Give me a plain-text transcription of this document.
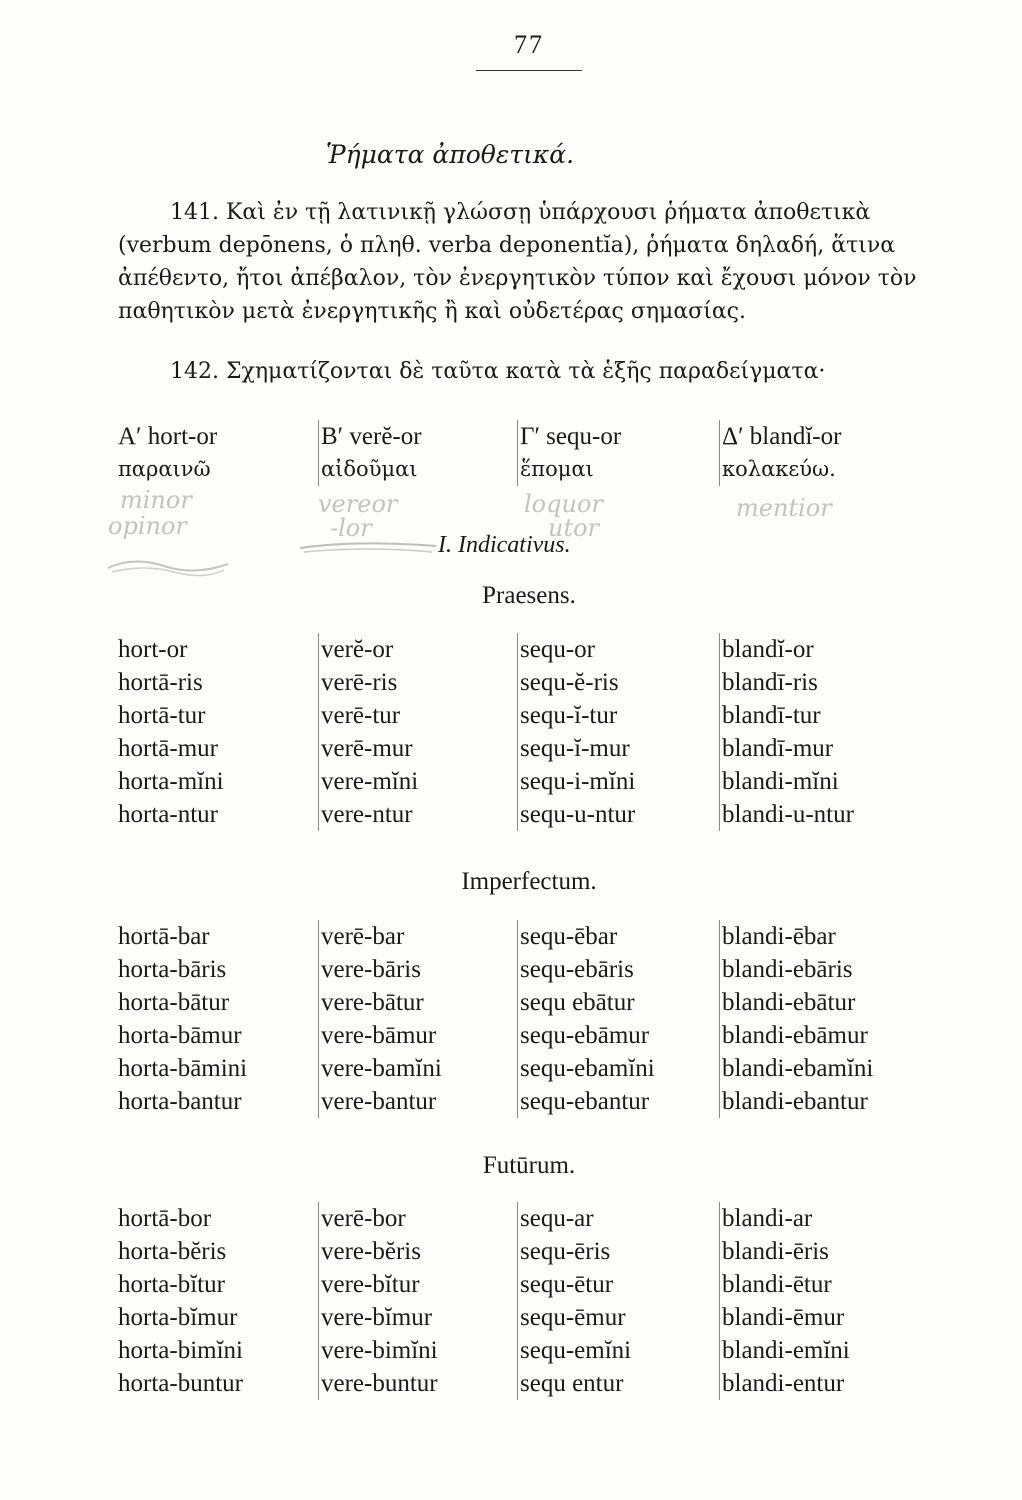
77
Ῥήματα ἀποθετικά.
141. Καὶ ἐν τῇ λατινικῇ γλώσσῃ ὑπάρχουσι ῥήματα ἀποθετικὰ (verbum depōnens, ὁ πληθ. verba deponentĭa), ῥήματα δηλαδή, ἅτινα ἀπέθεντο, ἤτοι ἀπέβαλον, τὸν ἐνεργητικὸν τύπον καὶ ἔχουσι μόνον τὸν παθητικὸν μετὰ ἐνεργητικῆς ἢ καὶ οὐδετέρας σημασίας.
142. Σχηματίζονται δὲ ταῦτα κατὰ τὰ ἑξῆς παραδείγματα·
Α′ hort-or
παραινῶ
Β′ verĕ-or
αἰδοῦμαι
Γ′ sequ-or
ἕπομαι
Δ′ blandĭ-or
κολακεύω.
minor
opinor
vereor
-lor
loquor
utor
mentior
I. Indicativus.
Praesens.
hort-or
hortā-ris
hortā-tur
hortā-mur
horta-mĭni
horta-ntur
verĕ-or
verē-ris
verē-tur
verē-mur
vere-mĭni
vere-ntur
sequ-or
sequ-ĕ-ris
sequ-ĭ-tur
sequ-ĭ-mur
sequ-i-mĭni
sequ-u-ntur
blandĭ-or
blandī-ris
blandī-tur
blandī-mur
blandi-mĭni
blandi-u-ntur
Imperfectum.
hortā-bar
horta-bāris
horta-bātur
horta-bāmur
horta-bāmini
horta-bantur
verē-bar
vere-bāris
vere-bātur
vere-bāmur
vere-bamĭni
vere-bantur
sequ-ēbar
sequ-ebāris
sequ ebātur
sequ-ebāmur
sequ-ebamĭni
sequ-ebantur
blandi-ēbar
blandi-ebāris
blandi-ebātur
blandi-ebāmur
blandi-ebamĭni
blandi-ebantur
Futūrum.
hortā-bor
horta-bĕris
horta-bĭtur
horta-bĭmur
horta-bimĭni
horta-buntur
verē-bor
vere-bĕris
vere-bĭtur
vere-bĭmur
vere-bimĭni
vere-buntur
sequ-ar
sequ-ēris
sequ-ētur
sequ-ēmur
sequ-emĭni
sequ entur
blandi-ar
blandi-ēris
blandi-ētur
blandi-ēmur
blandi-emĭni
blandi-entur
